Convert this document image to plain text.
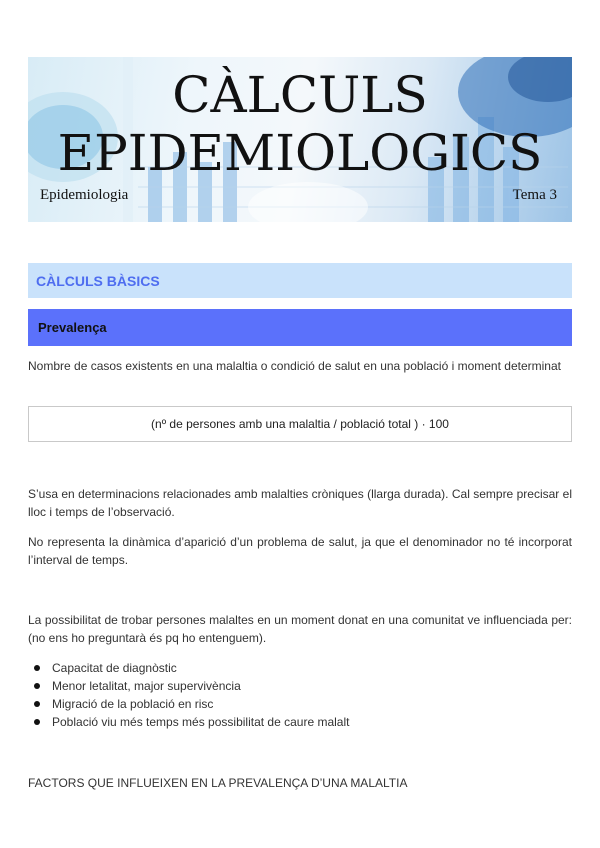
CÀLCULS
EPIDEMIOLOGICS
Epidemiologia	Tema 3
CÀLCULS BÀSICS
Prevalença

Nombre de casos existents en una malaltia o condició de salut en una població i moment determinat

(nº de persones amb una malaltia / població total ) · 100

S’usa en determinacions relacionades amb malalties cròniques (llarga durada). Cal sempre precisar el lloc i temps de l’observació.

No representa la dinàmica d’aparició d’un problema de salut, ja que el denominador no té incorporat l’interval de temps.

La possibilitat de trobar persones malaltes en un moment donat en una comunitat ve influenciada per: (no ens ho preguntarà és pq ho entenguem).

Capacitat de diagnòstic
Menor letalitat, major supervivència
Migració de la població en risc
Població viu més temps més possibilitat de caure malalt
FACTORS QUE INFLUEIXEN EN LA PREVALENÇA D’UNA MALALTIA
